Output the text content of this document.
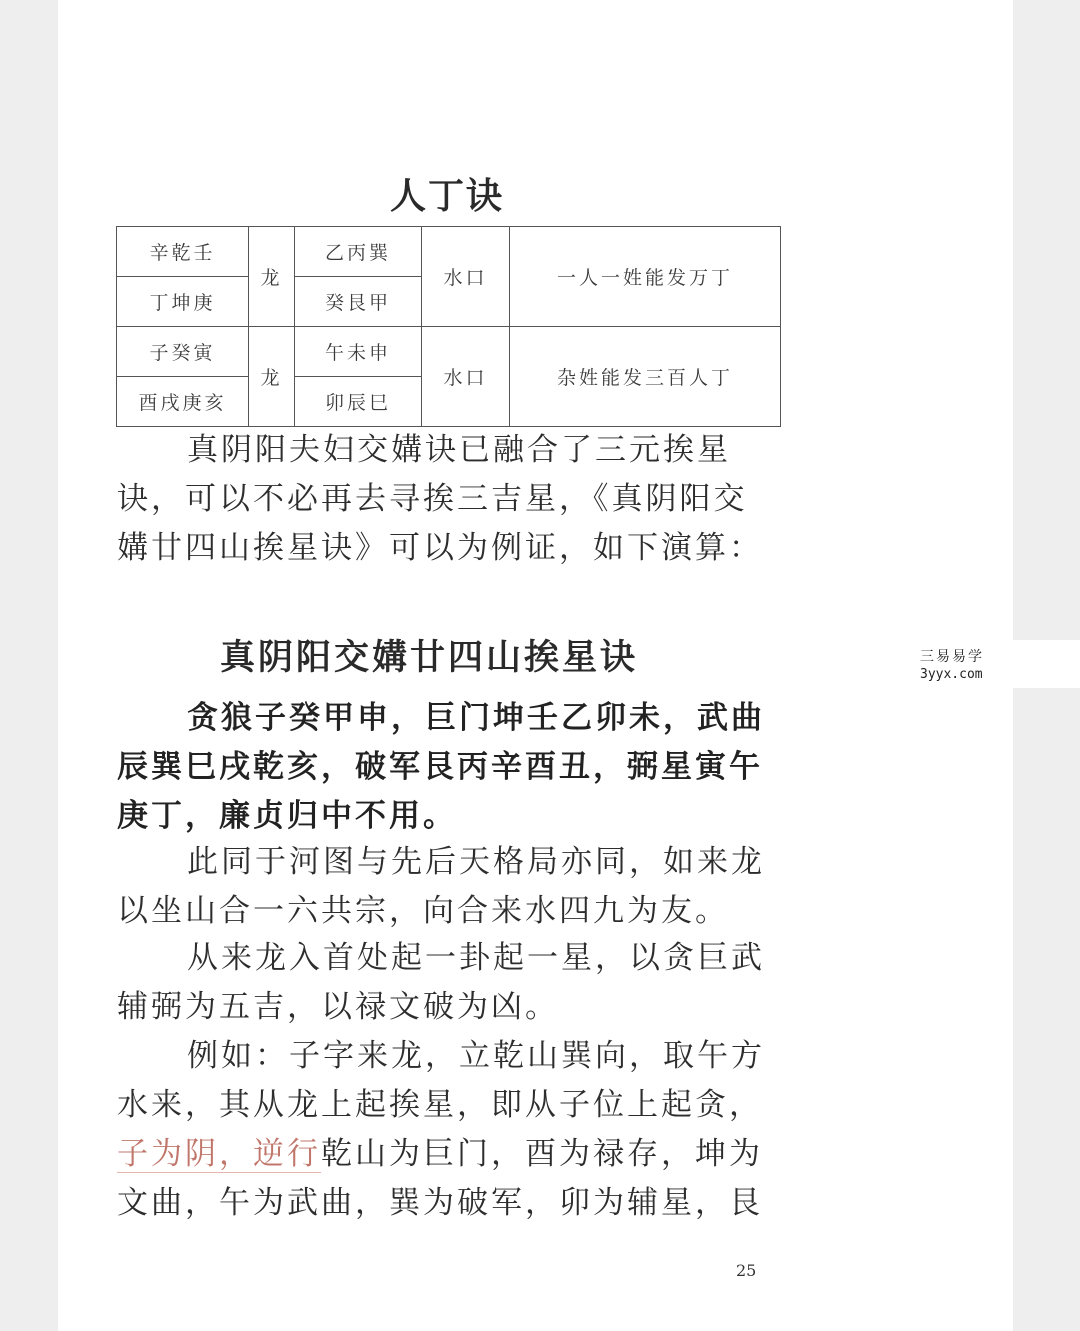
人丁诀
辛乾壬	龙	乙丙巽	水口	一人一姓能发万丁
丁坤庚		癸艮甲		
子癸寅	龙	午未申	水口	杂姓能发三百人丁
酉戌庚亥		卯辰巳		
真阴阳夫妇交媾诀已融合了三元挨星
诀，可以不必再去寻挨三吉星，《真阴阳交
媾廿四山挨星诀》可以为例证，如下演算：
真阴阳交媾廿四山挨星诀
贪狼子癸甲申，巨门坤壬乙卯未，武曲
辰巽巳戌乾亥，破军艮丙辛酉丑，弼星寅午
庚丁，廉贞归中不用。
此同于河图与先后天格局亦同，如来龙
以坐山合一六共宗，向合来水四九为友。
从来龙入首处起一卦起一星，以贪巨武
辅弼为五吉，以禄文破为凶。
例如：子字来龙，立乾山巽向，取午方
水来，其从龙上起挨星，即从子位上起贪，
子为阴，逆行乾山为巨门，酉为禄存，坤为
文曲，午为武曲，巽为破军，卯为辅星，艮
25
三易易学
3yyx.com
